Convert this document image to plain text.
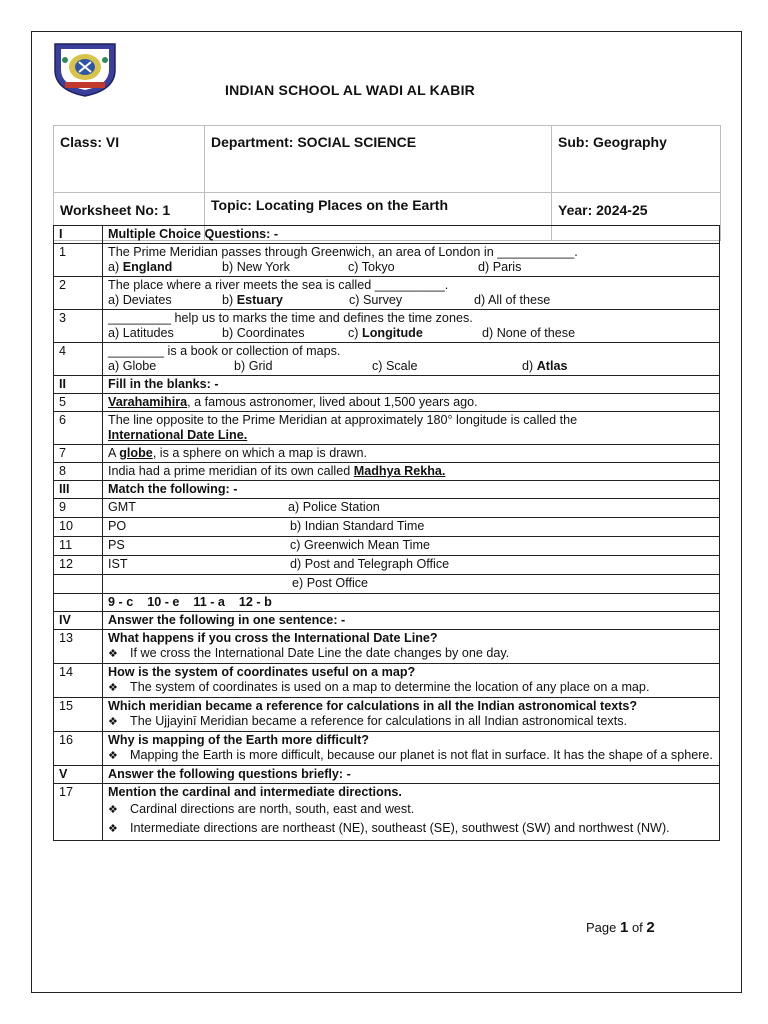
INDIAN SCHOOL AL WADI AL KABIR
Class: VI	Department: SOCIAL SCIENCE	Sub: Geography
Worksheet No: 1	Topic: Locating Places on the Earth	Year: 2024-25
I	Multiple Choice Questions: -
1	The Prime Meridian passes through Greenwich, an area of London in ___________.
a) England b) New York c) Tokyo d) Paris

2	The place where a river meets the sea is called __________.
a) Deviates b) Estuary c) Survey d) All of these

3	_________ help us to marks the time and defines the time zones.
a) Latitudes b) Coordinates c) Longitude d) None of these

4	________ is a book or collection of maps.
a) Globe b) Grid c) Scale d) Atlas

II	Fill in the blanks: -
5	Varahamihira, a famous astronomer, lived about 1,500 years ago.
6	The line opposite to the Prime Meridian at approximately 180° longitude is called the
International Date Line.
7	A globe, is a sphere on which a map is drawn.
8	India had a prime meridian of its own called Madhya Rekha.
III	Match the following: -
9	GMT a) Police Station
10	PO b) Indian Standard Time
11	PS c) Greenwich Mean Time
12	IST d) Post and Telegraph Office
	e) Post Office
	9 - c    10 - e    11 - a    12 - b
IV	Answer the following in one sentence: -
13	What happens if you cross the International Date Line?
❖ If we cross the International Date Line the date changes by one day.

14	How is the system of coordinates useful on a map?
❖ The system of coordinates is used on a map to determine the location of any place on a map.

15	Which meridian became a reference for calculations in all the Indian astronomical texts?
❖ The Ujjayinī Meridian became a reference for calculations in all Indian astronomical texts.

16	Why is mapping of the Earth more difficult?
❖ Mapping the Earth is more difficult, because our planet is not flat in surface. It has the shape of a sphere.

V	Answer the following questions briefly: -
17	Mention the cardinal and intermediate directions.
❖ Cardinal directions are north, south, east and west.
❖ Intermediate directions are northeast (NE), southeast (SE), southwest (SW) and northwest (NW).
Page 1 of 2
